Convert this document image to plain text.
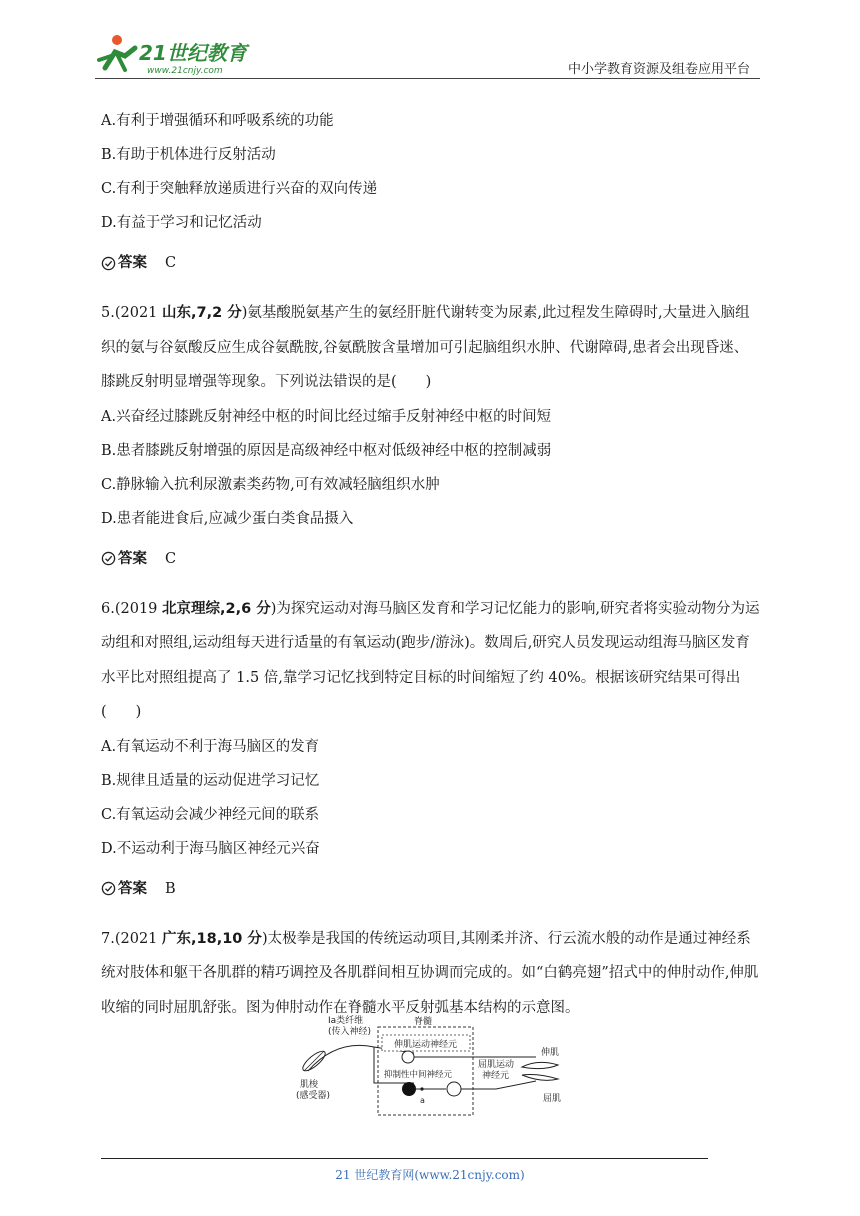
21世纪教育
www.21cnjy.com	中小学教育资源及组卷应用平台
A.有利于增强循环和呼吸系统的功能
B.有助于机体进行反射活动
C.有利于突触释放递质进行兴奋的双向传递
D.有益于学习和记忆活动
答案 C
5.(2021 山东,7,2 分)氨基酸脱氨基产生的氨经肝脏代谢转变为尿素,此过程发生障碍时,大量进入脑组织的氨与谷氨酸反应生成谷氨酰胺,谷氨酰胺含量增加可引起脑组织水肿、代谢障碍,患者会出现昏迷、膝跳反射明显增强等现象。下列说法错误的是(　　)
A.兴奋经过膝跳反射神经中枢的时间比经过缩手反射神经中枢的时间短
B.患者膝跳反射增强的原因是高级神经中枢对低级神经中枢的控制减弱
C.静脉输入抗利尿激素类药物,可有效减轻脑组织水肿
D.患者能进食后,应减少蛋白类食品摄入
答案 C
6.(2019 北京理综,2,6 分)为探究运动对海马脑区发育和学习记忆能力的影响,研究者将实验动物分为运动组和对照组,运动组每天进行适量的有氧运动(跑步/游泳)。数周后,研究人员发现运动组海马脑区发育水平比对照组提高了 1.5 倍,靠学习记忆找到特定目标的时间缩短了约 40%。根据该研究结果可得出(　　)
A.有氧运动不利于海马脑区的发育
B.规律且适量的运动促进学习记忆
C.有氧运动会减少神经元间的联系
D.不运动利于海马脑区神经元兴奋
答案 B
7.(2021 广东,18,10 分)太极拳是我国的传统运动项目,其刚柔并济、行云流水般的动作是通过神经系统对肢体和躯干各肌群的精巧调控及各肌群间相互协调而完成的。如“白鹤亮翅”招式中的伸肘动作,伸肌收缩的同时屈肌舒张。图为伸肘动作在脊髓水平反射弧基本结构的示意图。
Ⅰa类纤维
(传入神经)
脊髓
肌梭
(感受器)
伸肌运动神经元
抑制性中间神经元
a
屈肌运动
神经元
伸肌
屈肌
21 世纪教育网(www.21cnjy.com)
